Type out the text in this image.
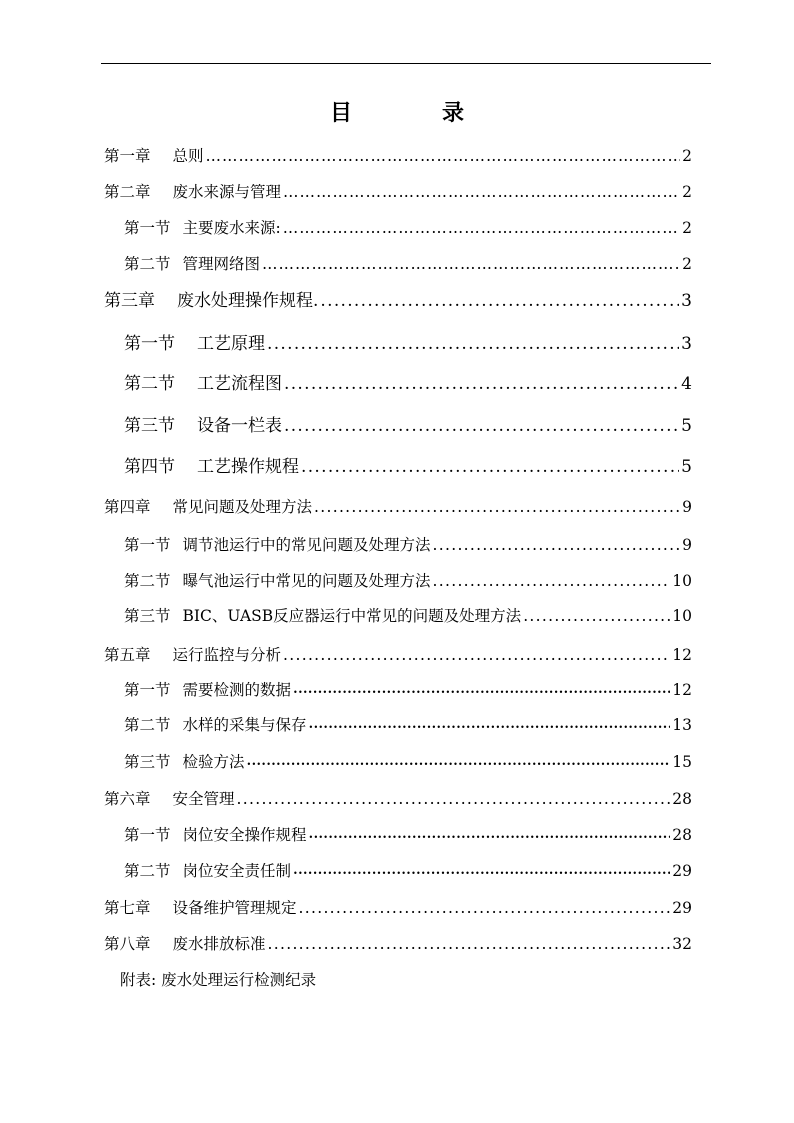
目	录
第一章 总则 ……………………………………………………………………………………………………………………………………………………	2
第二章 废水来源与管理 ……………………………………………………………………………………………………………………………………………………	2
第一节 主要废水来源: ……………………………………………………………………………………………………………………………………………………	2
第二节 管理网络图 ……………………………………………………………………………………………………………………………………………………	2
第三章 废水处理操作规程. .....	3
第一节 工艺原理 .....	3
第二节 工艺流程图 .....	4
第三节 设备一栏表 .....	5
第四节 工艺操作规程 .....	5
第四章 常见问题及处理方法 .....	9
第一节 调节池运行中的常见问题及处理方法 .....	9
第二节 曝气池运行中常见的问题及处理方法 .....	10
第三节 BIC、UASB反应器运行中常见的问题及处理方法 .....	10
第五章 运行监控与分析 .....	12
第一节 需要检测的数据 •••••	12
第二节 水样的采集与保存 •••••	13
第三节 检验方法 •••••	15
第六章 安全管理 .....	28
第一节 岗位安全操作规程 •••••	28
第二节 岗位安全责任制 •••••	29
第七章 设备维护管理规定 .....	29
第八章 废水排放标准 .....	32
附表: 废水处理运行检测纪录
